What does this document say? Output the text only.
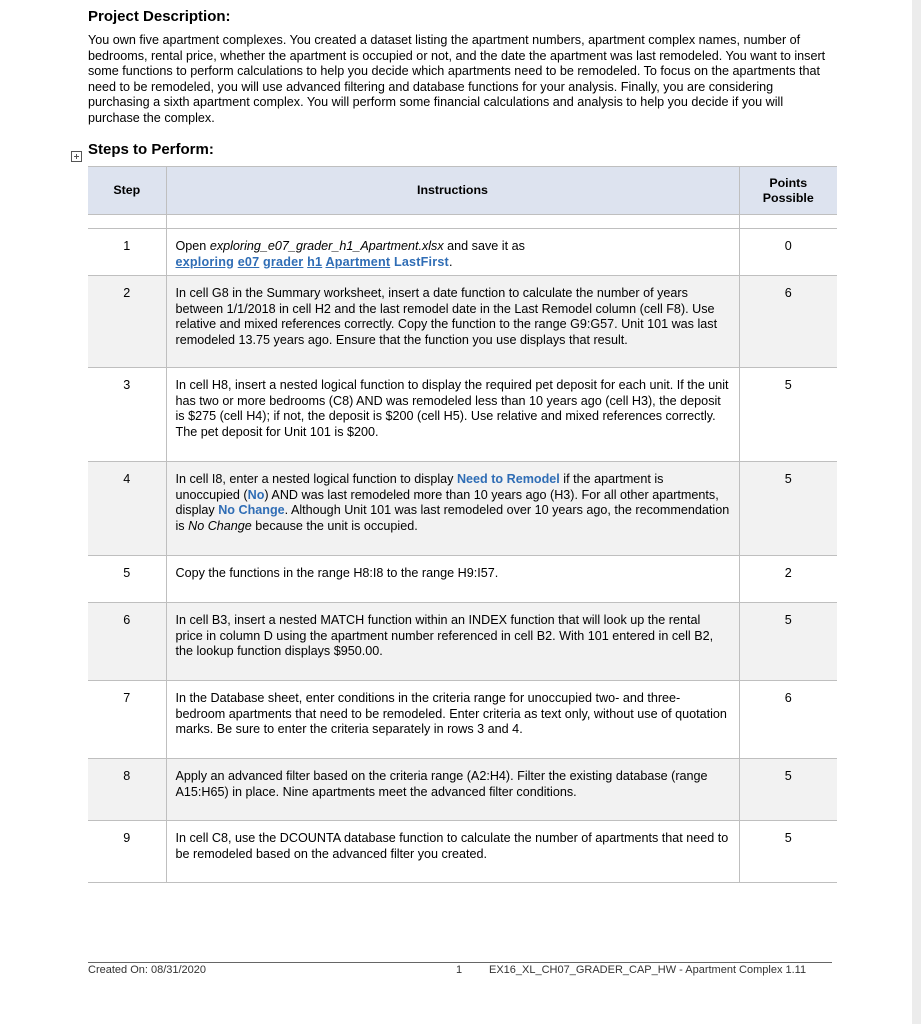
Project Description:
You own five apartment complexes. You created a dataset listing the apartment numbers, apartment complex names, number of bedrooms, rental price, whether the apartment is occupied or not, and the date the apartment was last remodeled. You want to insert some functions to perform calculations to help you decide which apartments need to be remodeled. To focus on the apartments that need to be remodeled, you will use advanced filtering and database functions for your analysis. Finally, you are considering purchasing a sixth apartment complex. You will perform some financial calculations and analysis to help you decide if you will purchase the complex.
Steps to Perform:
Step	Instructions	Points Possible

1	Open exploring_e07_grader_h1_Apartment.xlsx and save it as
exploring e07 grader h1 Apartment LastFirst.	0
2	In cell G8 in the Summary worksheet, insert a date function to calculate the number of years between 1/1/2018 in cell H2 and the last remodel date in the Last Remodel column (cell F8). Use relative and mixed references correctly. Copy the function to the range G9:G57. Unit 101 was last remodeled 13.75 years ago. Ensure that the function you use displays that result.	6
3	In cell H8, insert a nested logical function to display the required pet deposit for each unit. If the unit has two or more bedrooms (C8) AND was remodeled less than 10 years ago (cell H3), the deposit is $275 (cell H4); if not, the deposit is $200 (cell H5). Use relative and mixed references correctly. The pet deposit for Unit 101 is $200.	5
4	In cell I8, enter a nested logical function to display Need to Remodel if the apartment is unoccupied (No) AND was last remodeled more than 10 years ago (H3). For all other apartments, display No Change. Although Unit 101 was last remodeled over 10 years ago, the recommendation is No Change because the unit is occupied.	5
5	Copy the functions in the range H8:I8 to the range H9:I57.	2
6	In cell B3, insert a nested MATCH function within an INDEX function that will look up the rental price in column D using the apartment number referenced in cell B2. With 101 entered in cell B2, the lookup function displays $950.00.	5
7	In the Database sheet, enter conditions in the criteria range for unoccupied two- and three-bedroom apartments that need to be remodeled. Enter criteria as text only, without use of quotation marks. Be sure to enter the criteria separately in rows 3 and 4.	6
8	Apply an advanced filter based on the criteria range (A2:H4). Filter the existing database (range A15:H65) in place. Nine apartments meet the advanced filter conditions.	5
9	In cell C8, use the DCOUNTA database function to calculate the number of apartments that need to be remodeled based on the advanced filter you created.	5
Created On: 08/31/2020	1 EX16_XL_CH07_GRADER_CAP_HW - Apartment Complex 1.11
